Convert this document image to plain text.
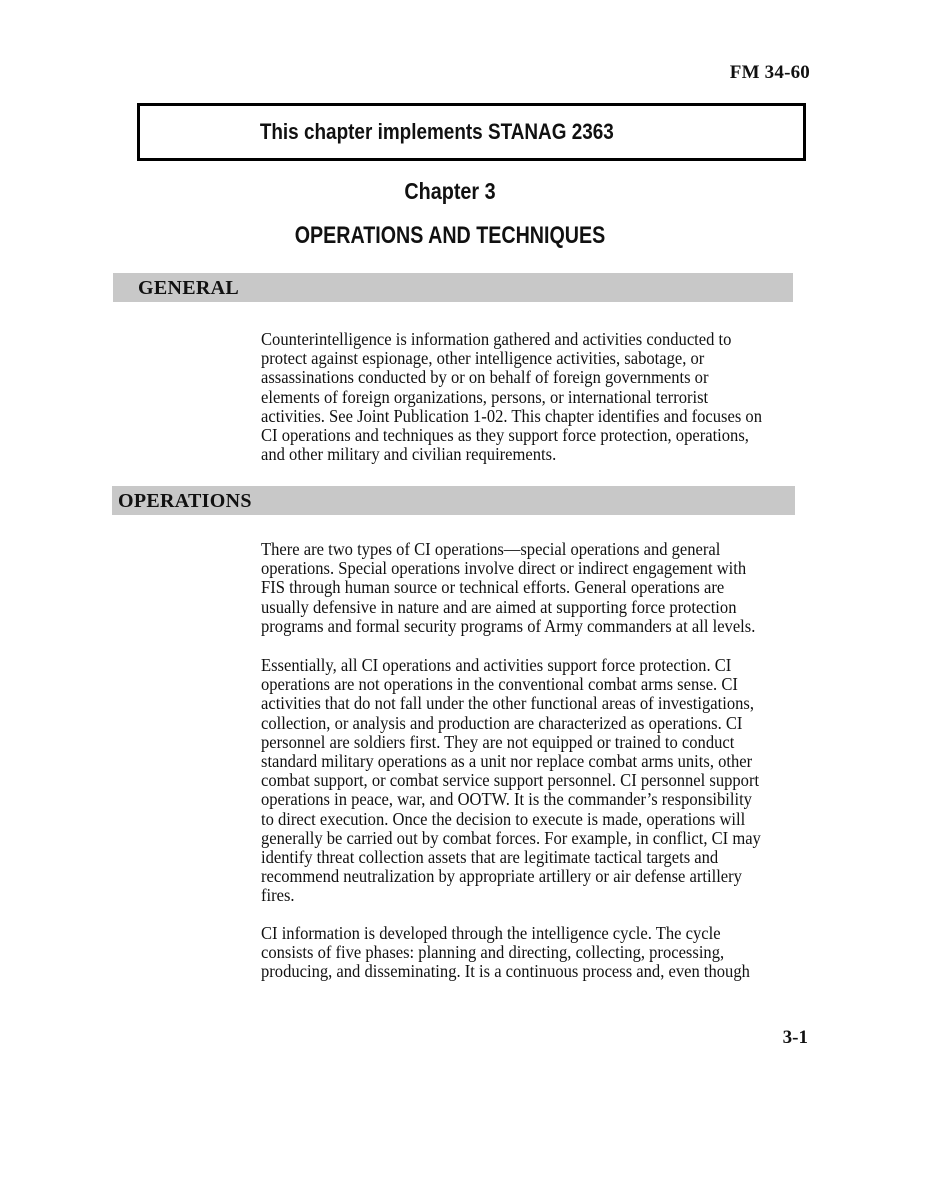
FM 34-60
This chapter implements STANAG 2363
Chapter 3
OPERATIONS AND TECHNIQUES
GENERAL

Counterintelligence is information gathered and activities conducted to protect against espionage, other intelligence activities, sabotage, or assassinations conducted by or on behalf of foreign governments or elements of foreign organizations, persons, or international terrorist activities. See Joint Publication 1-02. This chapter identifies and focuses on CI operations and techniques as they support force protection, operations, and other military and civilian requirements.

OPERATIONS

There are two types of CI operations—special operations and general operations. Special operations involve direct or indirect engagement with FIS through human source or technical efforts. General operations are usually defensive in nature and are aimed at supporting force protection programs and formal security programs of Army commanders at all levels.

Essentially, all CI operations and activities support force protection. CI operations are not operations in the conventional combat arms sense. CI activities that do not fall under the other functional areas of investigations, collection, or analysis and production are characterized as operations. CI personnel are soldiers first. They are not equipped or trained to conduct standard military operations as a unit nor replace combat arms units, other combat support, or combat service support personnel. CI personnel support operations in peace, war, and OOTW. It is the commander’s responsibility to direct execution. Once the decision to execute is made, operations will generally be carried out by combat forces. For example, in conflict, CI may identify threat collection assets that are legitimate tactical targets and recommend neutralization by appropriate artillery or air defense artillery fires.

CI information is developed through the intelligence cycle. The cycle consists of five phases: planning and directing, collecting, processing, producing, and disseminating. It is a continuous process and, even though

3-1
